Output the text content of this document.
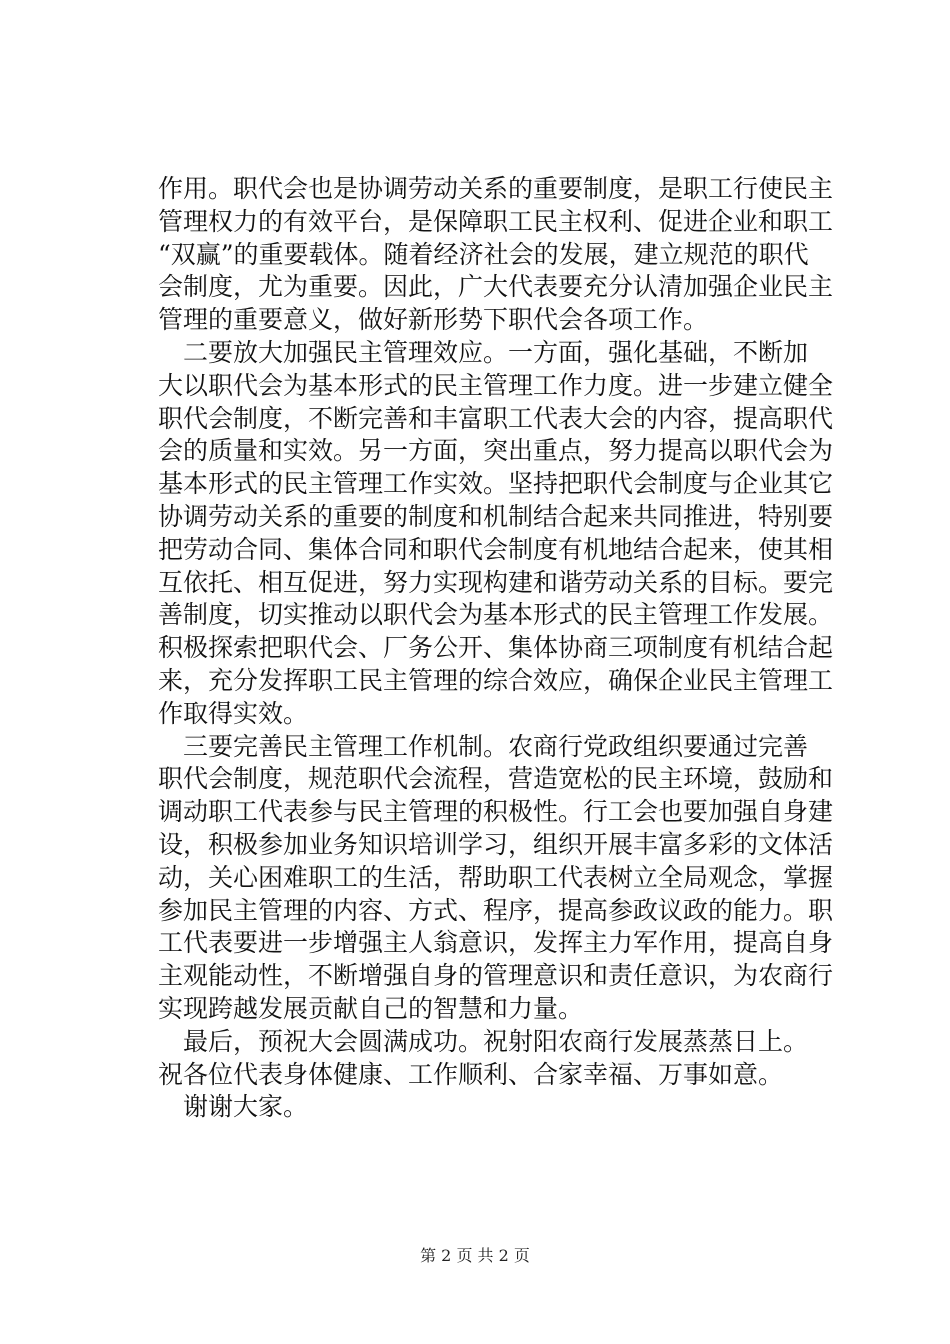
作用。职代会也是协调劳动关系的重要制度，是职工行使民主
管理权力的有效平台，是保障职工民主权利、促进企业和职工
“双赢”的重要载体。随着经济社会的发展，建立规范的职代
会制度，尤为重要。因此，广大代表要充分认清加强企业民主
管理的重要意义，做好新形势下职代会各项工作。
二要放大加强民主管理效应。一方面，强化基础，不断加
大以职代会为基本形式的民主管理工作力度。进一步建立健全
职代会制度，不断完善和丰富职工代表大会的内容，提高职代
会的质量和实效。另一方面，突出重点，努力提高以职代会为
基本形式的民主管理工作实效。坚持把职代会制度与企业其它
协调劳动关系的重要的制度和机制结合起来共同推进，特别要
把劳动合同、集体合同和职代会制度有机地结合起来，使其相
互依托、相互促进，努力实现构建和谐劳动关系的目标。要完
善制度，切实推动以职代会为基本形式的民主管理工作发展。
积极探索把职代会、厂务公开、集体协商三项制度有机结合起
来，充分发挥职工民主管理的综合效应，确保企业民主管理工
作取得实效。
三要完善民主管理工作机制。农商行党政组织要通过完善
职代会制度，规范职代会流程，营造宽松的民主环境，鼓励和
调动职工代表参与民主管理的积极性。行工会也要加强自身建
设，积极参加业务知识培训学习，组织开展丰富多彩的文体活
动，关心困难职工的生活，帮助职工代表树立全局观念，掌握
参加民主管理的内容、方式、程序，提高参政议政的能力。职
工代表要进一步增强主人翁意识，发挥主力军作用，提高自身
主观能动性，不断增强自身的管理意识和责任意识，为农商行
实现跨越发展贡献自己的智慧和力量。
最后，预祝大会圆满成功。祝射阳农商行发展蒸蒸日上。
祝各位代表身体健康、工作顺利、合家幸福、万事如意。
谢谢大家。
第 2 页 共 2 页
